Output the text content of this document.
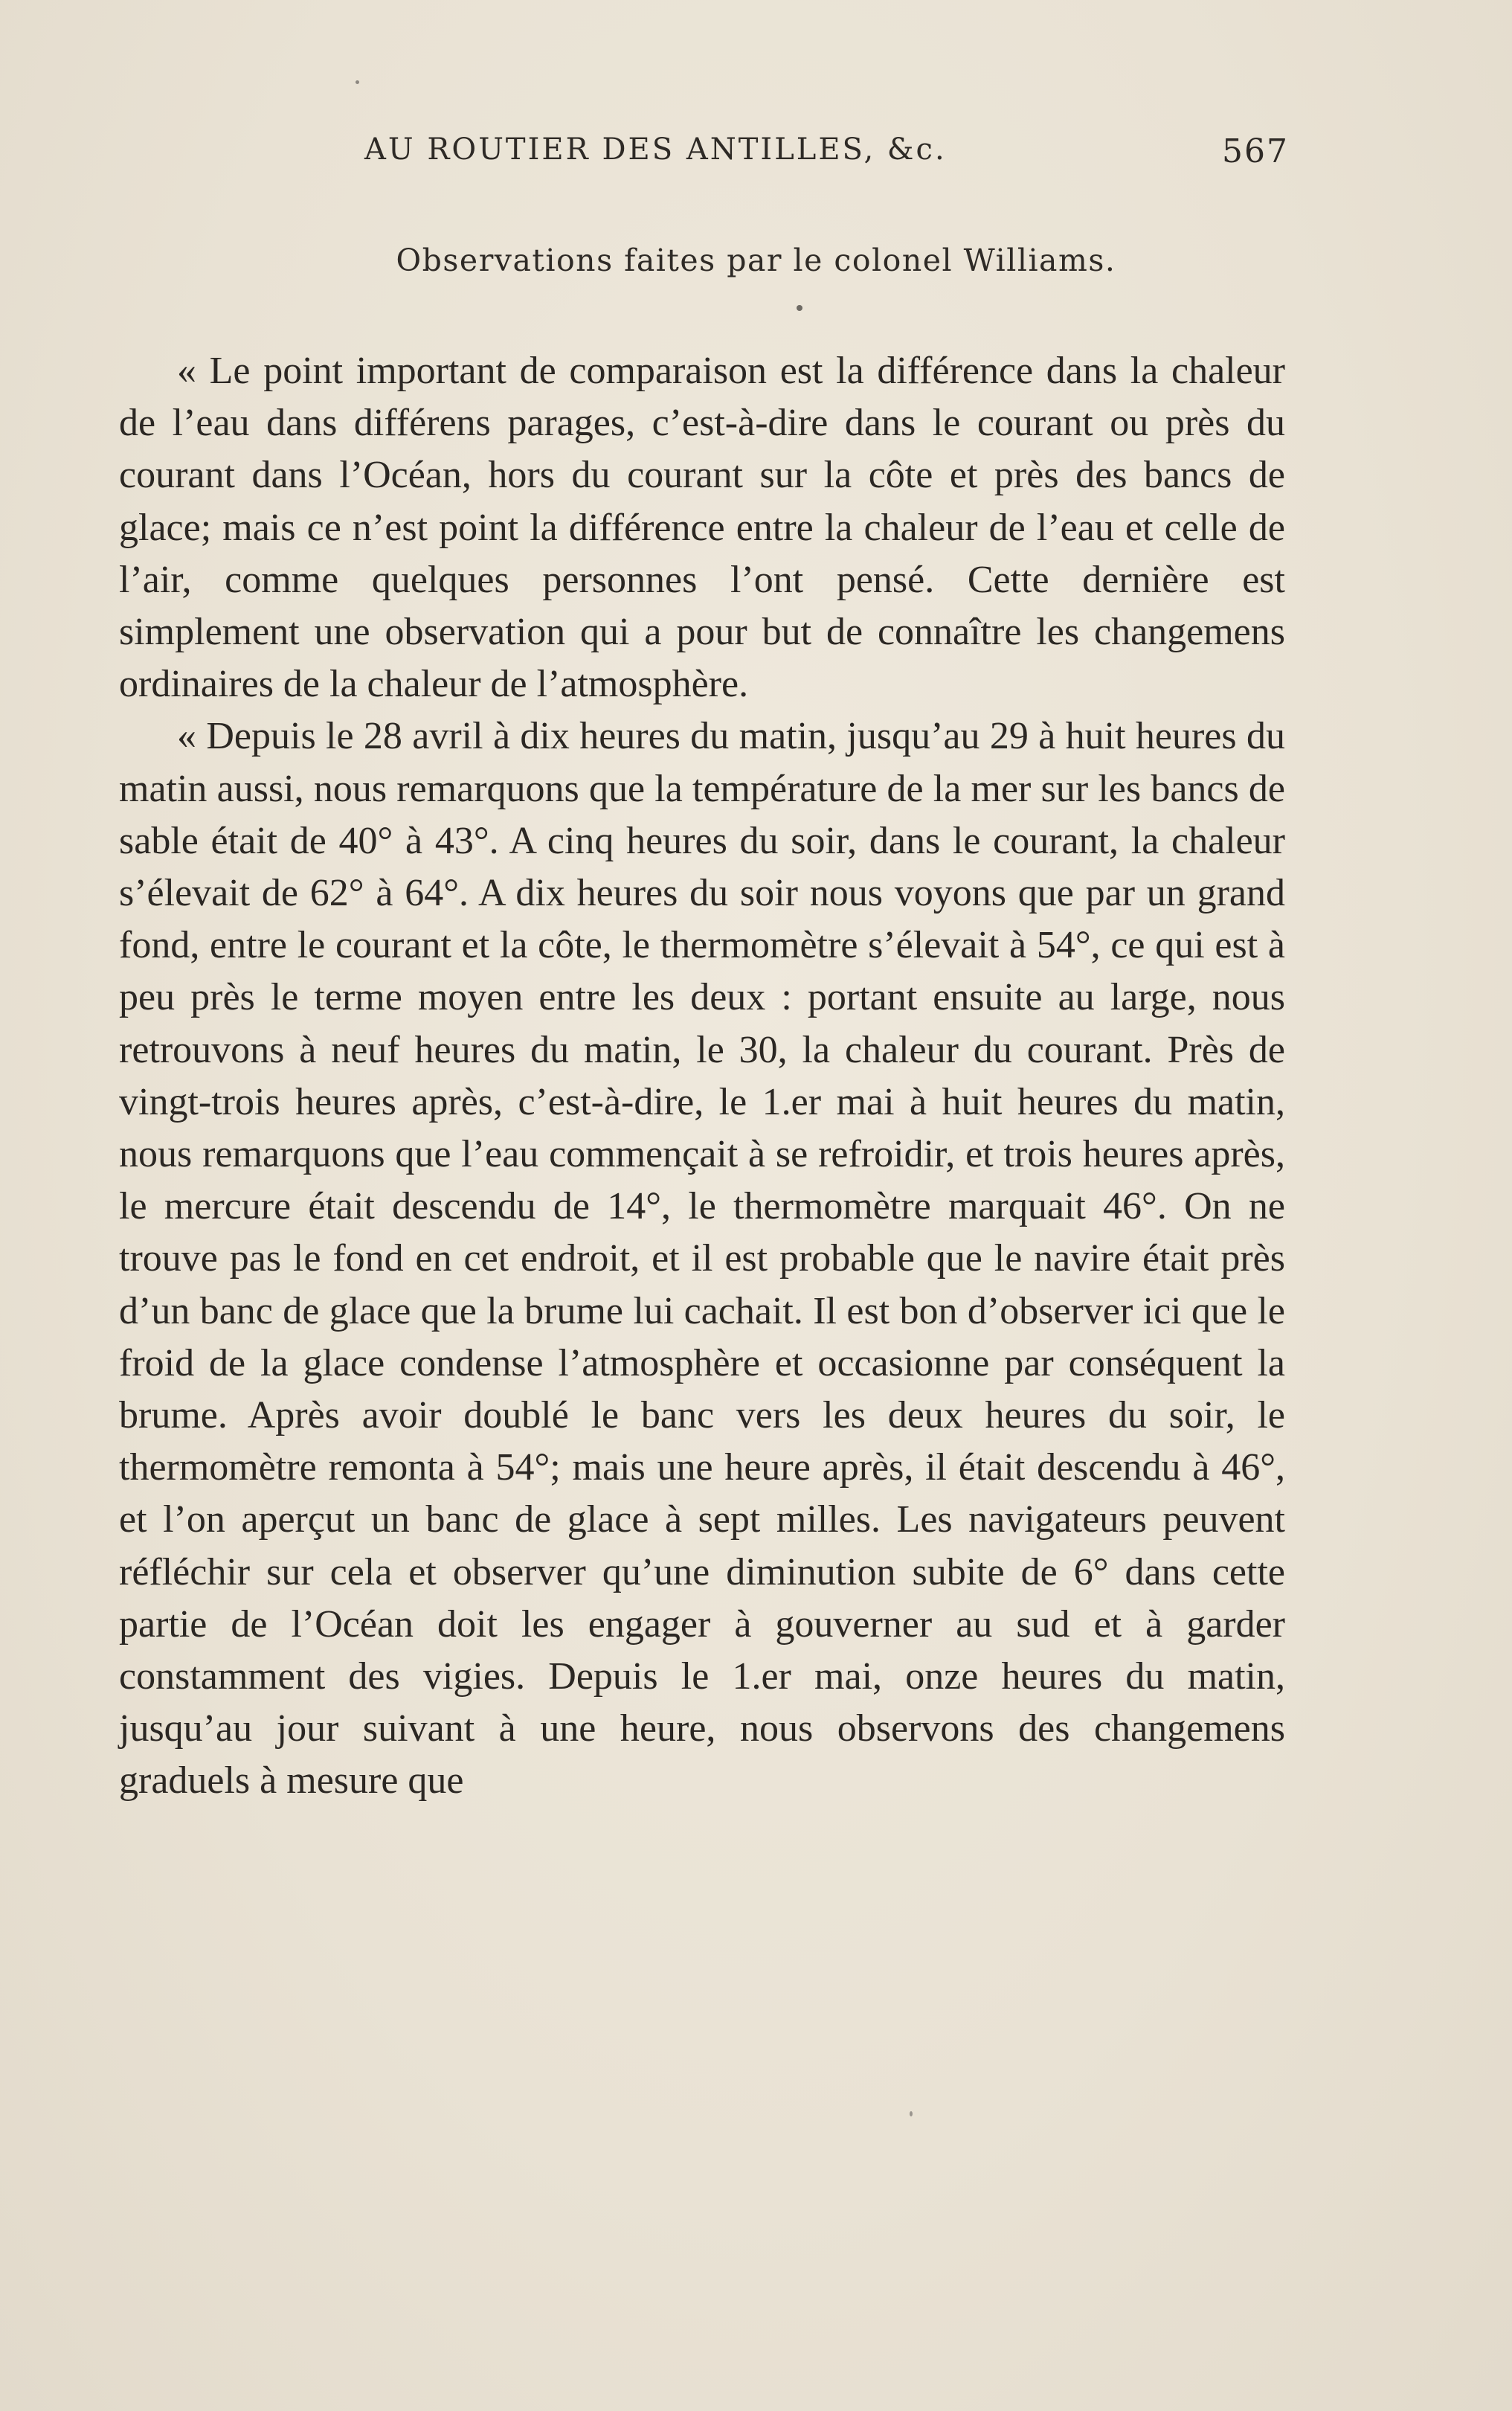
AU ROUTIER DES ANTILLES, &c.	567
Observations faites par le colonel Williams.

« Le point important de comparaison est la différence dans la chaleur de l’eau dans différens parages, c’est-à-dire dans le courant ou près du courant dans l’Océan, hors du courant sur la côte et près des bancs de glace; mais ce n’est point la différence entre la chaleur de l’eau et celle de l’air, comme quelques personnes l’ont pensé. Cette dernière est simplement une observation qui a pour but de connaître les changemens ordinaires de la chaleur de l’atmosphère.

« Depuis le 28 avril à dix heures du matin, jusqu’au 29 à huit heures du matin aussi, nous remarquons que la température de la mer sur les bancs de sable était de 40° à 43°. A cinq heures du soir, dans le courant, la chaleur s’élevait de 62° à 64°. A dix heures du soir nous voyons que par un grand fond, entre le courant et la côte, le thermomètre s’élevait à 54°, ce qui est à peu près le terme moyen entre les deux : portant ensuite au large, nous retrouvons à neuf heures du matin, le 30, la chaleur du courant. Près de vingt-trois heures après, c’est-à-dire, le 1.er mai à huit heures du matin, nous remarquons que l’eau commençait à se refroidir, et trois heures après, le mercure était descendu de 14°, le thermomètre marquait 46°. On ne trouve pas le fond en cet endroit, et il est probable que le navire était près d’un banc de glace que la brume lui cachait. Il est bon d’observer ici que le froid de la glace condense l’atmosphère et occasionne par conséquent la brume. Après avoir doublé le banc vers les deux heures du soir, le thermomètre remonta à 54°; mais une heure après, il était descendu à 46°, et l’on aperçut un banc de glace à sept milles. Les navigateurs peuvent réfléchir sur cela et observer qu’une diminution subite de 6° dans cette partie de l’Océan doit les engager à gouverner au sud et à garder constamment des vigies. Depuis le 1.er mai, onze heures du matin, jusqu’au jour suivant à une heure, nous observons des changemens graduels à mesure que
